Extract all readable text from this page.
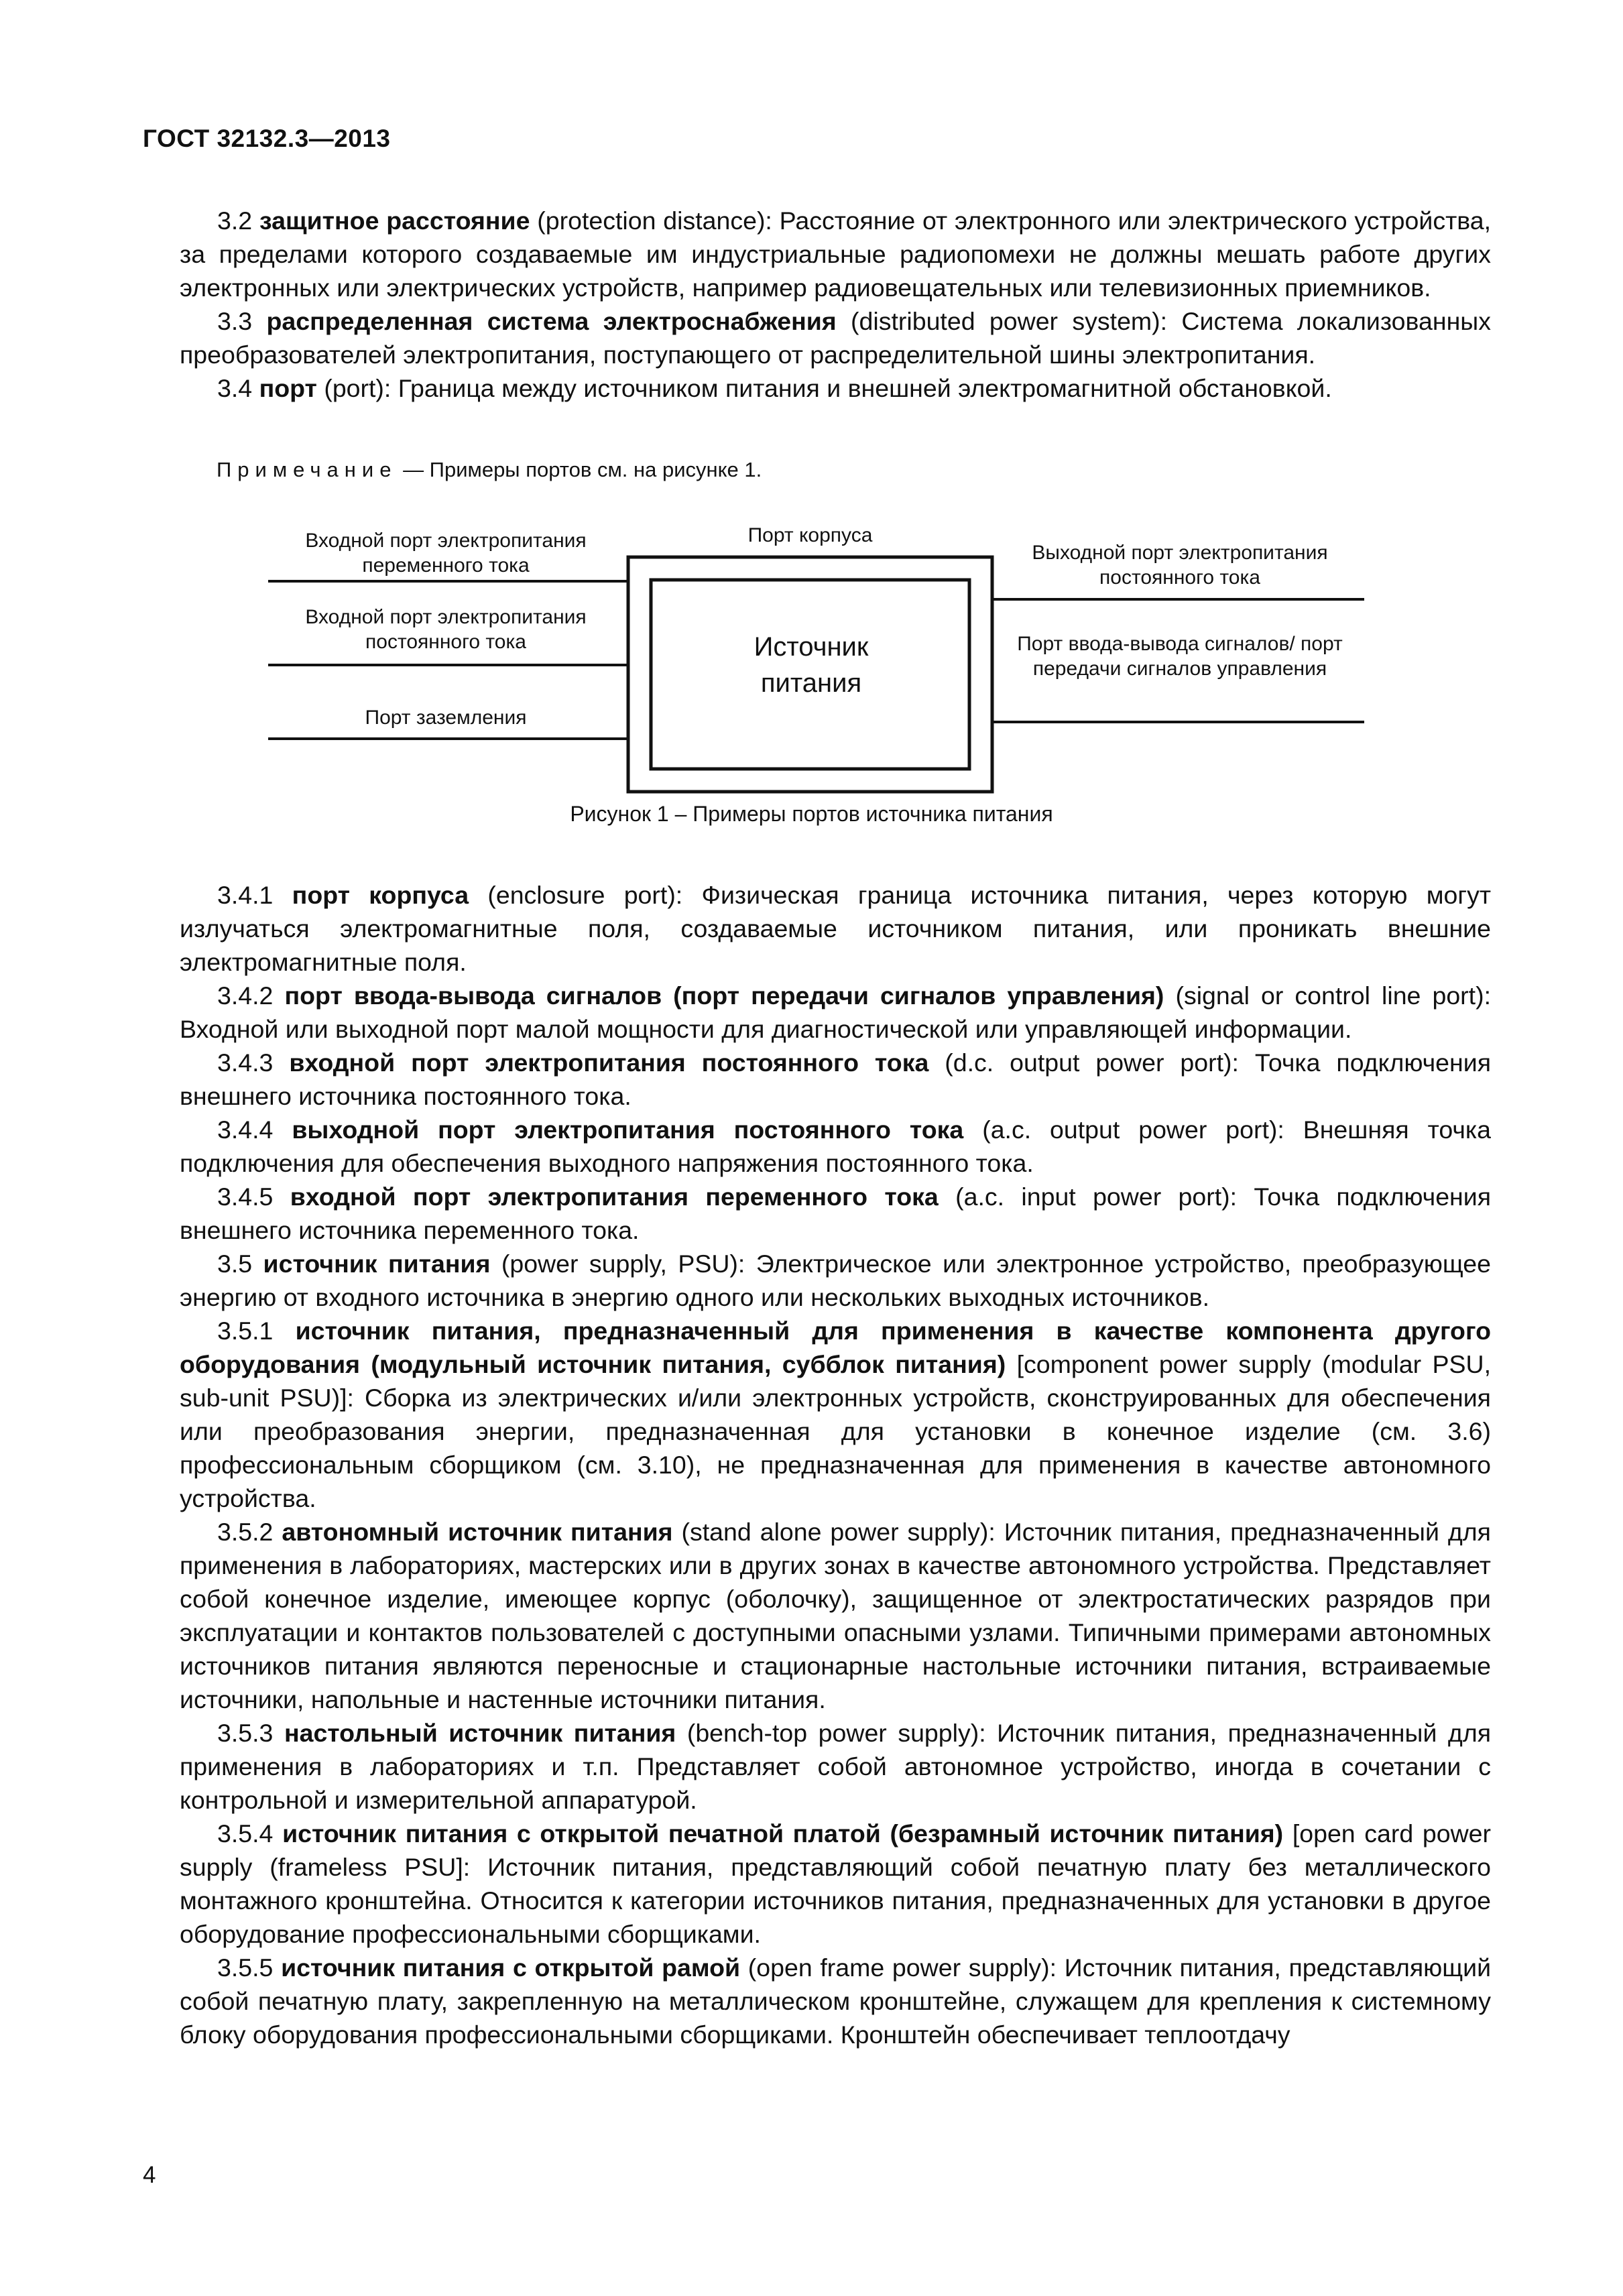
ГОСТ 32132.3—2013

3.2 защитное расстояние (protection distance): Расстояние от электронного или электрического устройства, за пределами которого создаваемые им индустриальные радиопомехи не должны мешать работе других электронных или электрических устройств, например радиовещательных или телевизионных приемников.

3.3 распределенная система электроснабжения (distributed power system): Система локализованных преобразователей электропитания, поступающего от распределительной шины электропитания.

3.4 порт (port): Граница между источником питания и внешней электромагнитной обстановкой.

Примечание — Примеры портов см. на рисунке 1.
Входной порт электропитания переменного тока
Входной порт электропитания постоянного тока
Порт заземления
Порт корпуса
Выходной порт электропитания постоянного тока
Порт ввода-вывода сигналов/ порт передачи сигналов управления
Источник питания
Рисунок 1 – Примеры портов источника питания

3.4.1 порт корпуса (enclosure port): Физическая граница источника питания, через которую могут излучаться электромагнитные поля, создаваемые источником питания, или проникать внешние электромагнитные поля.

3.4.2 порт ввода-вывода сигналов (порт передачи сигналов управления) (signal or control line port): Входной или выходной порт малой мощности для диагностической или управляющей информации.

3.4.3 входной порт электропитания постоянного тока (d.c. output power port): Точка подключения внешнего источника постоянного тока.

3.4.4 выходной порт электропитания постоянного тока (a.c. output power port): Внешняя точка подключения для обеспечения выходного напряжения постоянного тока.

3.4.5 входной порт электропитания переменного тока (a.c. input power port): Точка подключения внешнего источника переменного тока.

3.5 источник питания (power supply, PSU): Электрическое или электронное устройство, преобразующее энергию от входного источника в энергию одного или нескольких выходных источников.

3.5.1 источник питания, предназначенный для применения в качестве компонента другого оборудования (модульный источник питания, субблок питания) [component power supply (modular PSU, sub-unit PSU)]: Сборка из электрических и/или электронных устройств, сконструированных для обеспечения или преобразования энергии, предназначенная для установки в конечное изделие (см. 3.6) профессиональным сборщиком (см. 3.10), не предназначенная для применения в качестве автономного устройства.

3.5.2 автономный источник питания (stand alone power supply): Источник питания, предназначенный для применения в лабораториях, мастерских или в других зонах в качестве автономного устройства. Представляет собой конечное изделие, имеющее корпус (оболочку), защищенное от электростатических разрядов при эксплуатации и контактов пользователей с доступными опасными узлами. Типичными примерами автономных источников питания являются переносные и стационарные настольные источники питания, встраиваемые источники, напольные и настенные источники питания.

3.5.3 настольный источник питания (bench-top power supply): Источник питания, предназначенный для применения в лабораториях и т.п. Представляет собой автономное устройство, иногда в сочетании с контрольной и измерительной аппаратурой.

3.5.4 источник питания с открытой печатной платой (безрамный источник питания) [open card power supply (frameless PSU]: Источник питания, представляющий собой печатную плату без металлического монтажного кронштейна. Относится к категории источников питания, предназначенных для установки в другое оборудование профессиональными сборщиками.

3.5.5 источник питания с открытой рамой (open frame power supply): Источник питания, представляющий собой печатную плату, закрепленную на металлическом кронштейне, служащем для крепления к системному блоку оборудования профессиональными сборщиками. Кронштейн обеспечивает теплоотдачу

4
